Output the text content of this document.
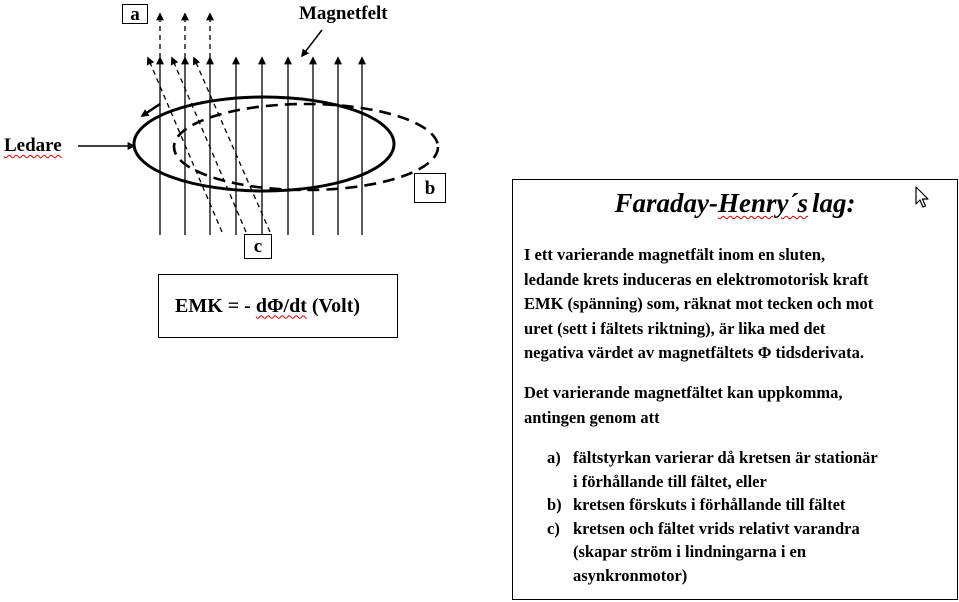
a
b
c
Magnetfelt
Ledare
EMK = - dΦ/dt (Volt)
Faraday-Henry´s lag:
I ett varierande magnetfält inom en sluten,
ledande krets induceras en elektromotorisk kraft
EMK (spänning) som, räknat mot tecken och mot
uret (sett i fältets riktning), är lika med det
negativa värdet av magnetfältets Φ tidsderivata.
Det varierande magnetfältet kan uppkomma,
antingen genom att
a) fältstyrkan varierar då kretsen är stationär
i förhållande till fältet, eller
b) kretsen förskuts i förhållande till fältet
c) kretsen och fältet vrids relativt varandra
(skapar ström i lindningarna i en
asynkronmotor)
